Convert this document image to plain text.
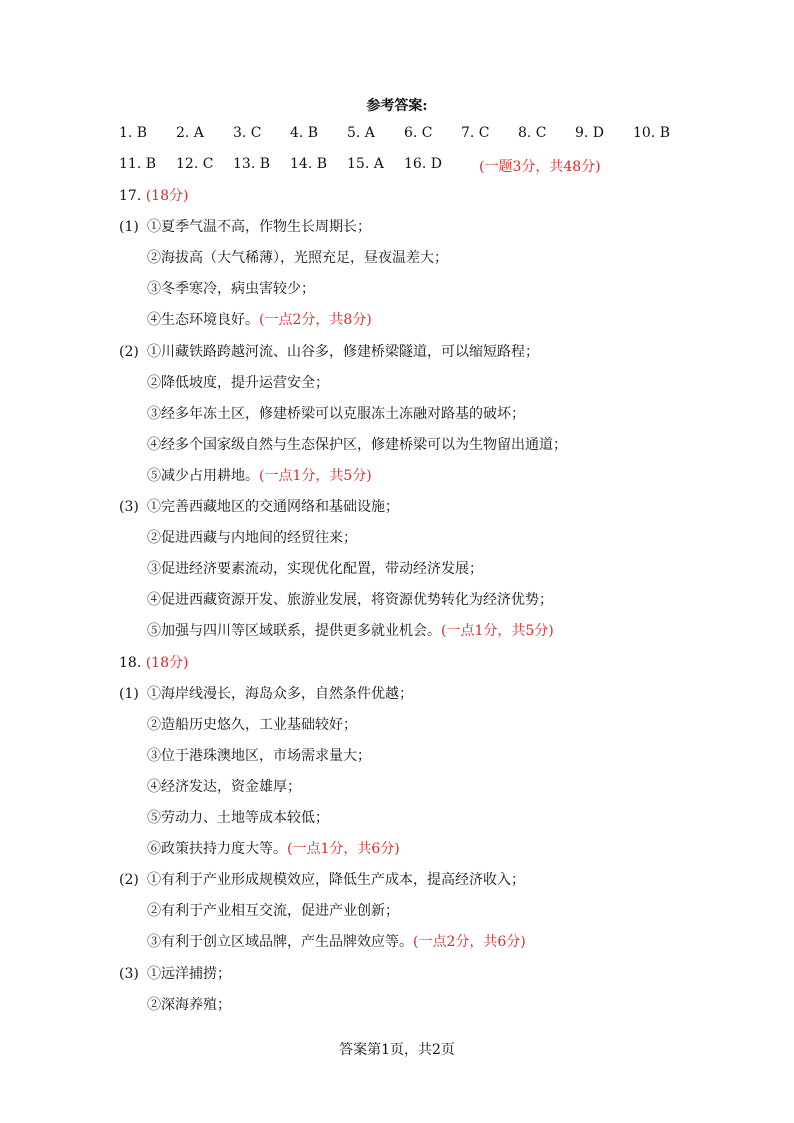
参考答案:
1. B 2. A 3. C 4. B 5. A 6. C 7. C 8. C 9. D 10. B
11. B 12. C 13. B 14. B 15. A 16. D	(一题3分，共48分)
17. (18分)
(1) ①夏季气温不高，作物生长周期长；
②海拔高（大气稀薄），光照充足，昼夜温差大；
③冬季寒冷，病虫害较少；
④生态环境良好。(一点2分，共8分)
(2) ①川藏铁路跨越河流、山谷多，修建桥梁隧道，可以缩短路程；
②降低坡度，提升运营安全；
③经多年冻土区，修建桥梁可以克服冻土冻融对路基的破坏；
④经多个国家级自然与生态保护区，修建桥梁可以为生物留出通道；
⑤减少占用耕地。(一点1分，共5分)
(3) ①完善西藏地区的交通网络和基础设施；
②促进西藏与内地间的经贸往来；
③促进经济要素流动，实现优化配置，带动经济发展；
④促进西藏资源开发、旅游业发展，将资源优势转化为经济优势；
⑤加强与四川等区域联系，提供更多就业机会。(一点1分，共5分)
18. (18分)
(1) ①海岸线漫长，海岛众多，自然条件优越；
②造船历史悠久，工业基础较好；
③位于港珠澳地区，市场需求量大；
④经济发达，资金雄厚；
⑤劳动力、土地等成本较低；
⑥政策扶持力度大等。(一点1分，共6分)
(2) ①有利于产业形成规模效应，降低生产成本，提高经济收入；
②有利于产业相互交流，促进产业创新；
③有利于创立区域品牌，产生品牌效应等。(一点2分，共6分)
(3) ①远洋捕捞；
②深海养殖；
答案第1页，共2页
